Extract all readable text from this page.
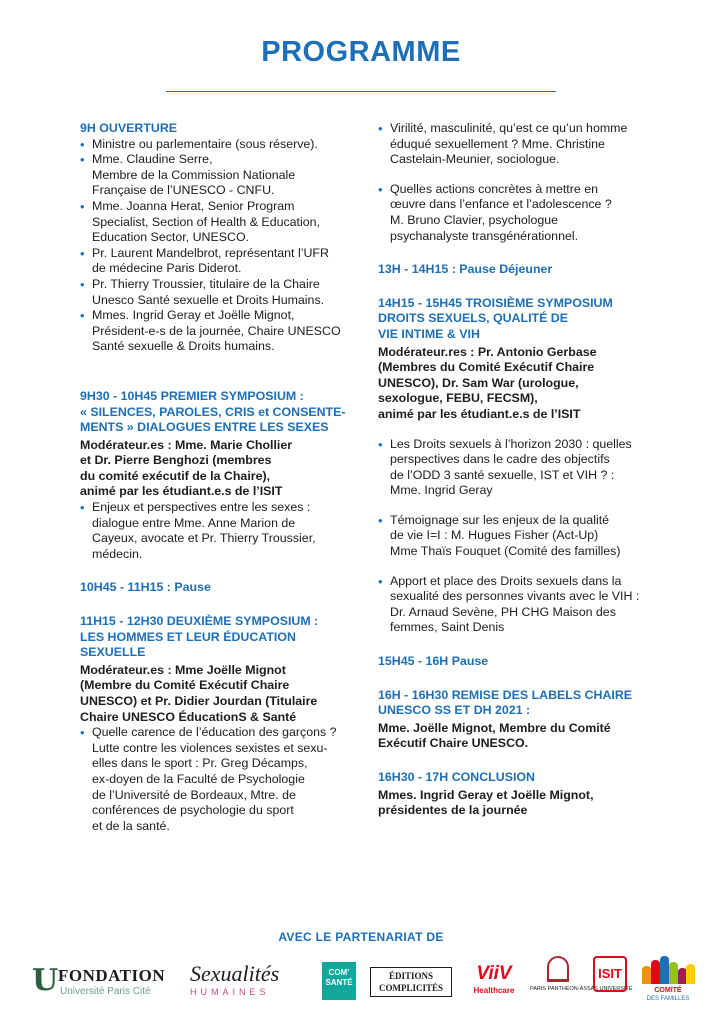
PROGRAMME
9H OUVERTURE
• Ministre ou parlementaire (sous réserve).
• Mme. Claudine Serre,
Membre de la Commission Nationale
Française de l’UNESCO - CNFU.
• Mme. Joanna Herat, Senior Program
Specialist, Section of Health & Education,
Education Sector, UNESCO.
• Pr. Laurent Mandelbrot, représentant l’UFR
de médecine Paris Diderot.
• Pr. Thierry Troussier, titulaire de la Chaire
Unesco Santé sexuelle et Droits Humains.
• Mmes. Ingrid Geray et Joëlle Mignot,
Président-e-s de la journée, Chaire UNESCO
Santé sexuelle & Droits humains.
9H30 - 10H45 PREMIER SYMPOSIUM :
« SILENCES, PAROLES, CRIS et CONSENTE-
MENTS » DIALOGUES ENTRE LES SEXES
Modérateur.es : Mme. Marie Chollier
et Dr. Pierre Benghozi (membres
du comité exécutif de la Chaire),
animé par les étudiant.e.s de l’ISIT
• Enjeux et perspectives entre les sexes :
dialogue entre Mme. Anne Marion de
Cayeux, avocate et Pr. Thierry Troussier,
médecin.
10H45 - 11H15 : Pause
11H15 - 12H30 DEUXIÈME SYMPOSIUM :
LES HOMMES ET LEUR ÉDUCATION
SEXUELLE
Modérateur.es : Mme Joëlle Mignot
(Membre du Comité Exécutif Chaire
UNESCO) et Pr. Didier Jourdan (Titulaire
Chaire UNESCO ÉducationS & Santé
• Quelle carence de l’éducation des garçons ?
Lutte contre les violences sexistes et sexu-
elles dans le sport : Pr. Greg Décamps,
ex-doyen de la Faculté de Psychologie
de l’Université de Bordeaux, Mtre. de
conférences de psychologie du sport
et de la santé.
• Virilité, masculinité, qu’est ce qu’un homme
éduqué sexuellement ? Mme. Christine
Castelain-Meunier, sociologue.
• Quelles actions concrètes à mettre en
œuvre dans l’enfance et l’adolescence ?
M. Bruno Clavier, psychologue
psychanalyste transgénérationnel.
13H - 14H15 : Pause Déjeuner
14H15 - 15H45 TROISIÈME SYMPOSIUM
DROITS SEXUELS, QUALITÉ DE
VIE INTIME & VIH
Modérateur.res : Pr. Antonio Gerbase
(Membres du Comité Exécutif Chaire
UNESCO), Dr. Sam War (urologue,
sexologue, FEBU, FECSM),
animé par les étudiant.e.s de l’ISIT
• Les Droits sexuels à l’horizon 2030 : quelles
perspectives dans le cadre des objectifs
de l’ODD 3 santé sexuelle, IST et VIH ? :
Mme. Ingrid Geray
• Témoignage sur les enjeux de la qualité
de vie I=I : M. Hugues Fisher (Act-Up)
Mme Thaïs Fouquet (Comité des familles)
• Apport et place des Droits sexuels dans la
sexualité des personnes vivants avec le VIH :
Dr. Arnaud Sevène, PH CHG Maison des
femmes, Saint Denis
15H45 - 16H Pause
16H - 16H30 REMISE DES LABELS CHAIRE
UNESCO SS ET DH 2021 :
Mme. Joëlle Mignot, Membre du Comité
Exécutif Chaire UNESCO.
16H30 - 17H CONCLUSION
Mmes. Ingrid Geray et Joëlle Mignot,
présidentes de la journée
AVEC LE PARTENARIAT DE
U FONDATION
Université Paris Cité
Sexualités
HUMAINES
COM’
SANTÉ
ÉDITIONS
COMPLICITÉS
ViiV
Healthcare	PARIS PANTHÉON-ASSAS UNIVERSITÉ
ISIT
COMITÉ
DES FAMILLES
